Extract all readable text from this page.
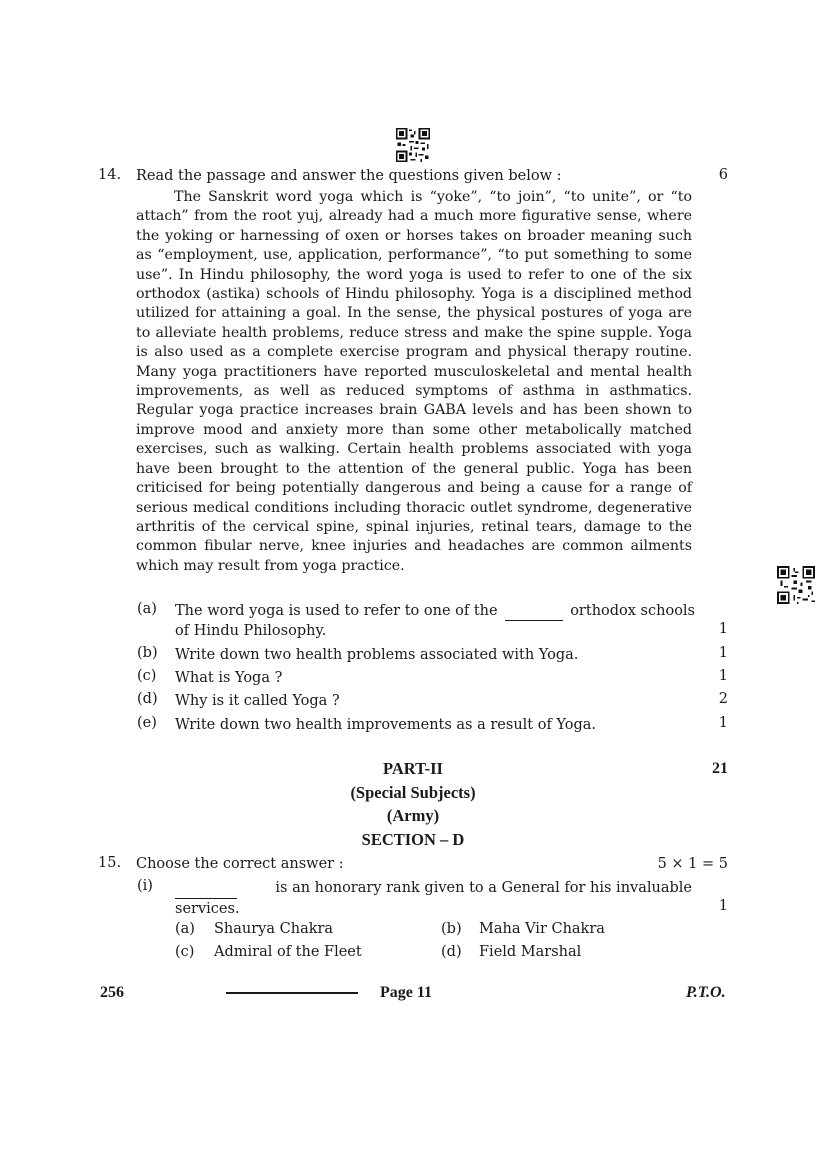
14. Read the passage and answer the questions given below :	6

The Sanskrit word yoga which is “yoke”, “to join”, “to unite”, or “to attach” from the root yuj, already had a much more figurative sense, where the yoking or harnessing of oxen or horses takes on broader meaning such as “employment, use, application, performance”, “to put something to some use”. In Hindu philosophy, the word yoga is used to refer to one of the six orthodox (astika) schools of Hindu philosophy. Yoga is a disciplined method utilized for attaining a goal. In the sense, the physical postures of yoga are to alleviate health problems, reduce stress and make the spine supple. Yoga is also used as a complete exercise program and physical therapy routine. Many yoga practitioners have reported musculoskeletal and mental health improvements, as well as reduced symptoms of asthma in asthmatics. Regular yoga practice increases brain GABA levels and has been shown to improve mood and anxiety more than some other metabolically matched exercises, such as walking. Certain health problems associated with yoga have been brought to the attention of the general public. Yoga has been criticised for being potentially dangerous and being a cause for a range of serious medical conditions including thoracic outlet syndrome, degenerative arthritis of the cervical spine, spinal injuries, retinal tears, damage to the common fibular nerve, knee injuries and headaches are common ailments which may result from yoga practice.

(a) The word yoga is used to refer to one of the	orthodox schools
of Hindu Philosophy.	1
(b) Write down two health problems associated with Yoga.	1
(c) What is Yoga ?	1
(d) Why is it called Yoga ?	2
(e) Write down two health improvements as a result of Yoga.	1
PART-II	21
(Special Subjects)
(Army)
SECTION – D
15. Choose the correct answer :	5 × 1 = 5
(i)
	is an honorary rank given to a General for his invaluable
services.	1
(a) Shaurya Chakra	(b) Maha Vir Chakra
(c) Admiral of the Fleet	(d) Field Marshal
256	Page 11	P.T.O.
